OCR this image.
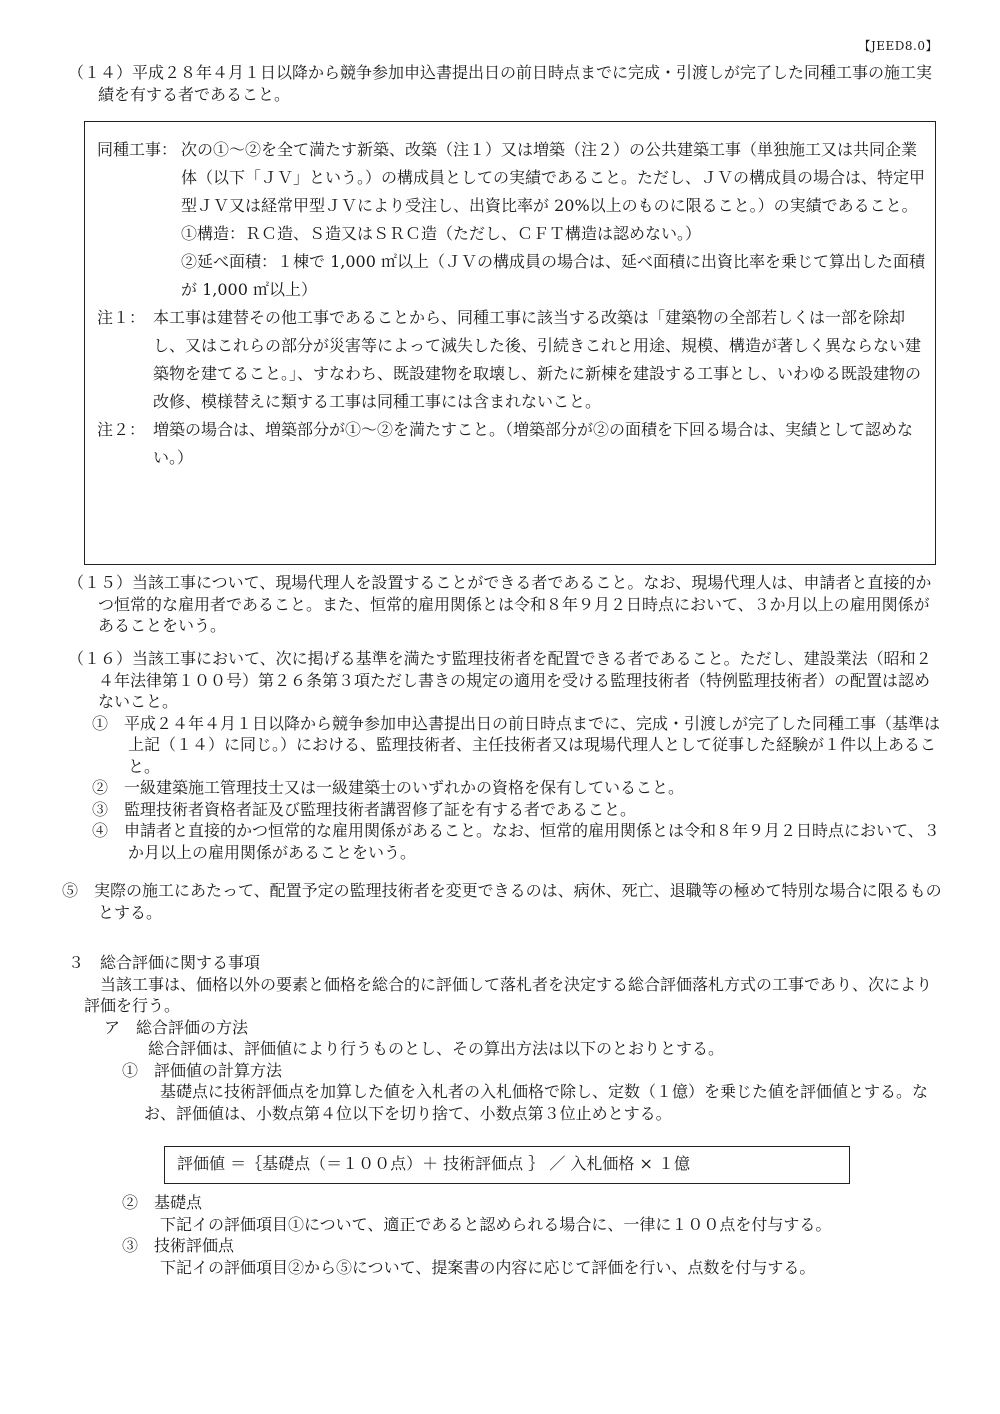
【JEED8.0】

（１４）平成２８年４月１日以降から競争参加申込書提出日の前日時点までに完成・引渡しが完了した同種工事の施工実績を有する者であること。

同種工事： 次の①～②を全て満たす新築、改築（注１）又は増築（注２）の公共建築工事（単独施工又は共同企業体（以下「ＪＶ」という。）の構成員としての実績であること。ただし、ＪＶの構成員の場合は、特定甲型ＪＶ又は経常甲型ＪＶにより受注し、出資比率が 20%以上のものに限ること。）の実績であること。

①構造：ＲＣ造、Ｓ造又はＳＲＣ造（ただし、ＣＦＴ構造は認めない。）

②延べ面積：１棟で 1,000 ㎡以上（ＪＶの構成員の場合は、延べ面積に出資比率を乗じて算出した面積が 1,000 ㎡以上）

注１： 本工事は建替その他工事であることから、同種工事に該当する改築は「建築物の全部若しくは一部を除却し、又はこれらの部分が災害等によって滅失した後、引続きこれと用途、規模、構造が著しく異ならない建築物を建てること。」、すなわち、既設建物を取壊し、新たに新棟を建設する工事とし、いわゆる既設建物の改修、模様替えに類する工事は同種工事には含まれないこと。

注２： 増築の場合は、増築部分が①～②を満たすこと。（増築部分が②の面積を下回る場合は、実績として認めない。）

（１５）当該工事について、現場代理人を設置することができる者であること。なお、現場代理人は、申請者と直接的かつ恒常的な雇用者であること。また、恒常的雇用関係とは令和８年９月２日時点において、３か月以上の雇用関係があることをいう。

（１６）当該工事において、次に掲げる基準を満たす監理技術者を配置できる者であること。ただし、建設業法（昭和２４年法律第１００号）第２６条第３項ただし書きの規定の適用を受ける監理技術者（特例監理技術者）の配置は認めないこと。

①　平成２４年４月１日以降から競争参加申込書提出日の前日時点までに、完成・引渡しが完了した同種工事（基準は上記（１４）に同じ。）における、監理技術者、主任技術者又は現場代理人として従事した経験が１件以上あること。

②　一級建築施工管理技士又は一級建築士のいずれかの資格を保有していること。

③　監理技術者資格者証及び監理技術者講習修了証を有する者であること。

④　申請者と直接的かつ恒常的な雇用関係があること。なお、恒常的雇用関係とは令和８年９月２日時点において、３か月以上の雇用関係があることをいう。

⑤　実際の施工にあたって、配置予定の監理技術者を変更できるのは、病休、死亡、退職等の極めて特別な場合に限るものとする。

３　総合評価に関する事項

当該工事は、価格以外の要素と価格を総合的に評価して落札者を決定する総合評価落札方式の工事であり、次により評価を行う。

ア　総合評価の方法

総合評価は、評価値により行うものとし、その算出方法は以下のとおりとする。

①　評価値の計算方法

基礎点に技術評価点を加算した値を入札者の入札価格で除し、定数（１億）を乗じた値を評価値とする。なお、評価値は、小数点第４位以下を切り捨て、小数点第３位止めとする。

評価値 ＝｛基礎点（＝１００点）＋ 技術評価点 ｝ ／ 入札価格 × １億

②　基礎点

下記イの評価項目①について、適正であると認められる場合に、一律に１００点を付与する。

③　技術評価点

下記イの評価項目②から⑤について、提案書の内容に応じて評価を行い、点数を付与する。
